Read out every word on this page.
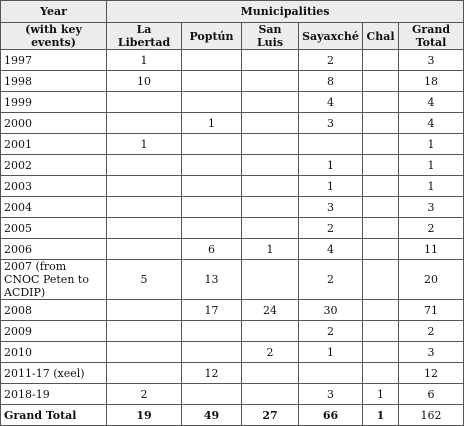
Year	Municipalities					
(with key events)	La Libertad	Poptún	San Luis	Sayaxché	Chal	Grand Total
1997	1			2		3
1998	10			8		18
1999				4		4
2000		1		3		4
2001	1					1
2002				1		1
2003				1		1
2004				3		3
2005				2		2
2006		6	1	4		11
2007 (from CNOC Peten to ACDIP)	5	13		2		20
2008		17	24	30		71
2009				2		2
2010			2	1		3
2011-17 (xeel)		12				12
2018-19	2			3	1	6
Grand Total	19	49	27	66	1	162
